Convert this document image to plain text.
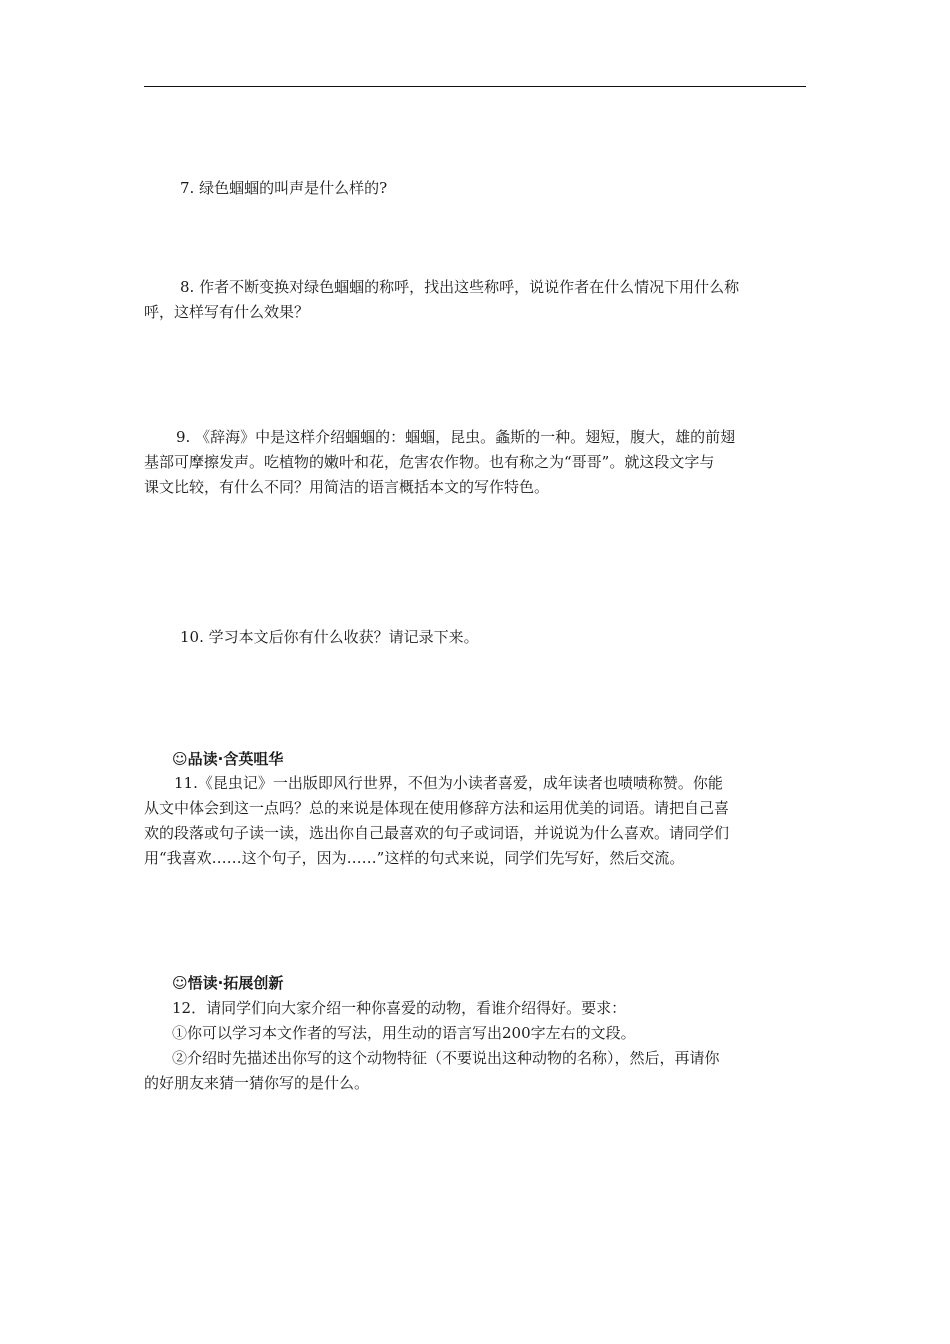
7. 绿色蝈蝈的叫声是什么样的?

8. 作者不断变换对绿色蝈蝈的称呼，找出这些称呼，说说作者在什么情况下用什么称
呼，这样写有什么效果？

9. 《辞海》中是这样介绍蝈蝈的：蝈蝈，昆虫。螽斯的一种。翅短，腹大，雄的前翅
基部可摩擦发声。吃植物的嫩叶和花，危害农作物。也有称之为“哥哥”。就这段文字与
课文比较，有什么不同？用简洁的语言概括本文的写作特色。

10. 学习本文后你有什么收获？请记录下来。

☺品读·含英咀华

11.《昆虫记》一出版即风行世界，不但为小读者喜爱，成年读者也啧啧称赞。你能
从文中体会到这一点吗？总的来说是体现在使用修辞方法和运用优美的词语。请把自己喜
欢的段落或句子读一读，选出你自己最喜欢的句子或词语，并说说为什么喜欢。请同学们
用“我喜欢……这个句子，因为……”这样的句式来说，同学们先写好，然后交流。

☺悟读·拓展创新

12．请同学们向大家介绍一种你喜爱的动物，看谁介绍得好。要求：
①你可以学习本文作者的写法，用生动的语言写出200字左右的文段。
②介绍时先描述出你写的这个动物特征（不要说出这种动物的名称），然后，再请你
的好朋友来猜一猜你写的是什么。
